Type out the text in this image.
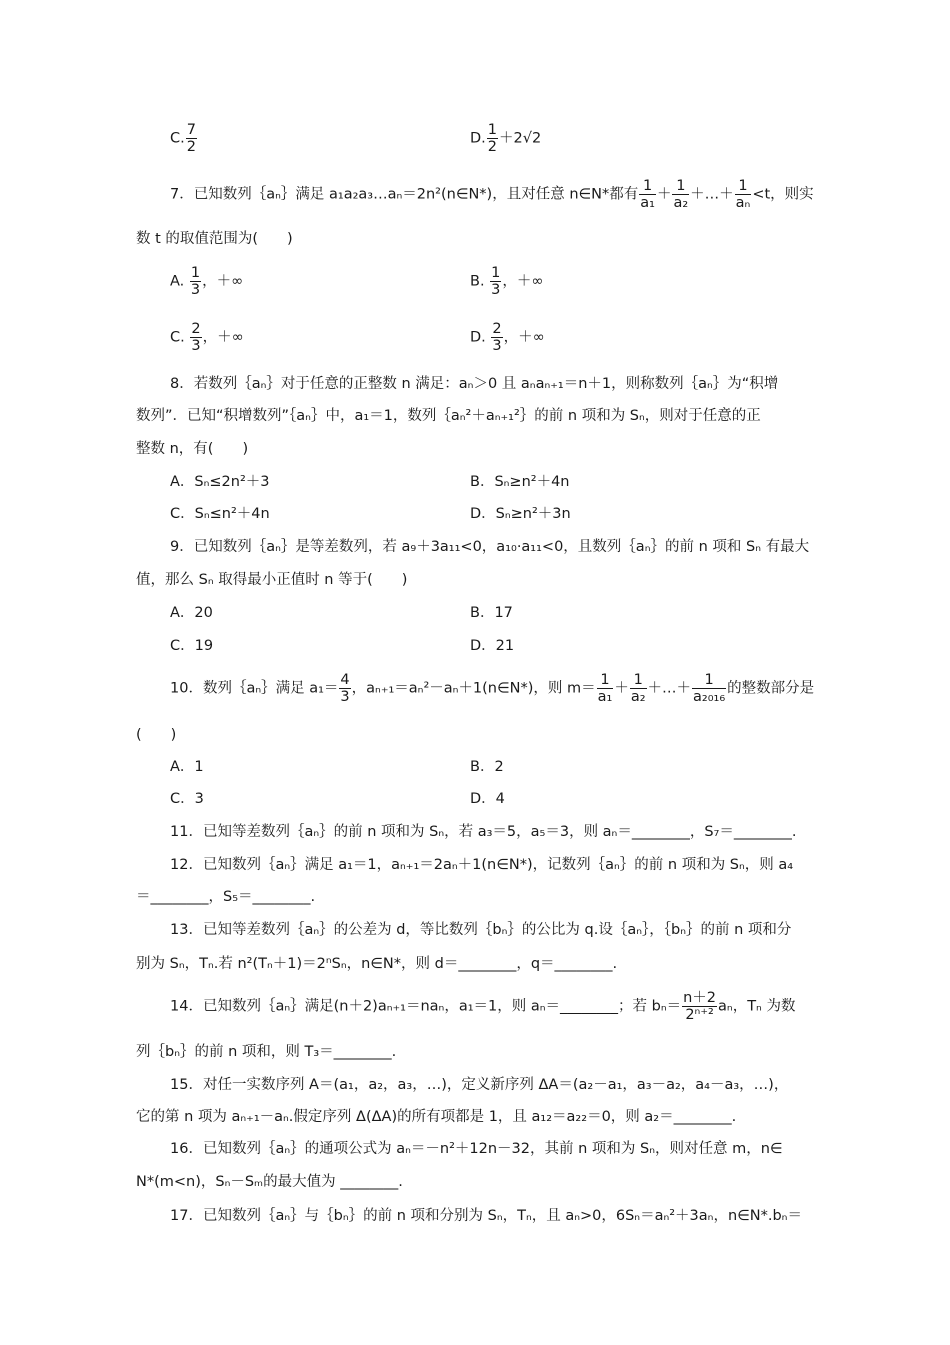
C. $\frac{7}{2}$	D. $\frac{1}{2} +2√2$
7．已知数列｛aₙ｝满足 a₁a₂a₃…aₙ＝2n²(n∈N*)，且对任意 n∈N*都有 $\frac{1}{\text{a₁}} + \frac{1}{\text{a₂}}$ ＋…＋ $\frac{1}{\text{aₙ}} <t$，则实
数 t 的取值范围为(　　)
A. $\frac{1}{3}$ ，＋∞	B. $\frac{1}{3}$ ，＋∞
C. $\frac{2}{3}$ ，＋∞	D. $\frac{2}{3}$ ，＋∞
8．若数列｛aₙ｝对于任意的正整数 n 满足：aₙ＞0 且 aₙaₙ₊₁＝n＋1，则称数列｛aₙ｝为“积增
数列”．已知“积增数列”｛aₙ｝中，a₁＝1，数列｛aₙ²＋aₙ₊₁²｝的前 n 项和为 Sₙ，则对于任意的正
整数 n，有(　　)
A．Sₙ≤2n²＋3	B．Sₙ≥n²＋4n
C．Sₙ≤n²＋4n	D．Sₙ≥n²＋3n
9．已知数列｛aₙ｝是等差数列，若 a₉＋3a₁₁<0，a₁₀·a₁₁<0，且数列｛aₙ｝的前 n 项和 Sₙ 有最大
值，那么 Sₙ 取得最小正值时 n 等于(　　)
A．20	B．17
C．19	D．21
10．数列｛aₙ｝满足 $a_1= \frac{4}{3}$ ，aₙ₊₁＝aₙ²－aₙ＋1(n∈N*)，则 $m= \frac{1}{\text{a₁}} + \frac{1}{\text{a₂}}$ ＋…＋ $\frac{1}{\text{a₂₀₁₆}}$ 的整数部分是
(　　)
A．1	B．2
C．3	D．4
11．已知等差数列｛aₙ｝的前 n 项和为 Sₙ，若 a₃＝5，a₅＝3，则 aₙ＝________，S₇＝________.
12．已知数列｛aₙ｝满足 a₁＝1，aₙ₊₁＝2aₙ＋1(n∈N*)，记数列｛aₙ｝的前 n 项和为 Sₙ，则 a₄
＝________，S₅＝________.
13．已知等差数列｛aₙ｝的公差为 d，等比数列｛bₙ｝的公比为 q.设｛aₙ｝，｛bₙ｝的前 n 项和分
别为 Sₙ，Tₙ.若 n²(Tₙ＋1)＝2ⁿSₙ，n∈N*，则 d＝________，q＝________.
14．已知数列｛aₙ｝满足(n＋2)aₙ₊₁＝naₙ，a₁＝1，则 aₙ＝________；若 $b_n= \frac{n+2}{\text{2ⁿ⁺²}}$ aₙ，Tₙ 为数
列｛bₙ｝的前 n 项和，则 T₃＝________.
15．对任一实数序列 A＝(a₁，a₂，a₃，…)，定义新序列 ΔA＝(a₂－a₁，a₃－a₂，a₄－a₃，…)，
它的第 n 项为 aₙ₊₁－aₙ.假定序列 Δ(ΔA)的所有项都是 1，且 a₁₂＝a₂₂＝0，则 a₂＝________.
16．已知数列｛aₙ｝的通项公式为 aₙ＝－n²＋12n－32，其前 n 项和为 Sₙ，则对任意 m，n∈
N*(m<n)，Sₙ－Sₘ的最大值为 ________.
17．已知数列｛aₙ｝与｛bₙ｝的前 n 项和分别为 Sₙ，Tₙ，且 aₙ>0，6Sₙ＝aₙ²＋3aₙ，n∈N*.bₙ＝
